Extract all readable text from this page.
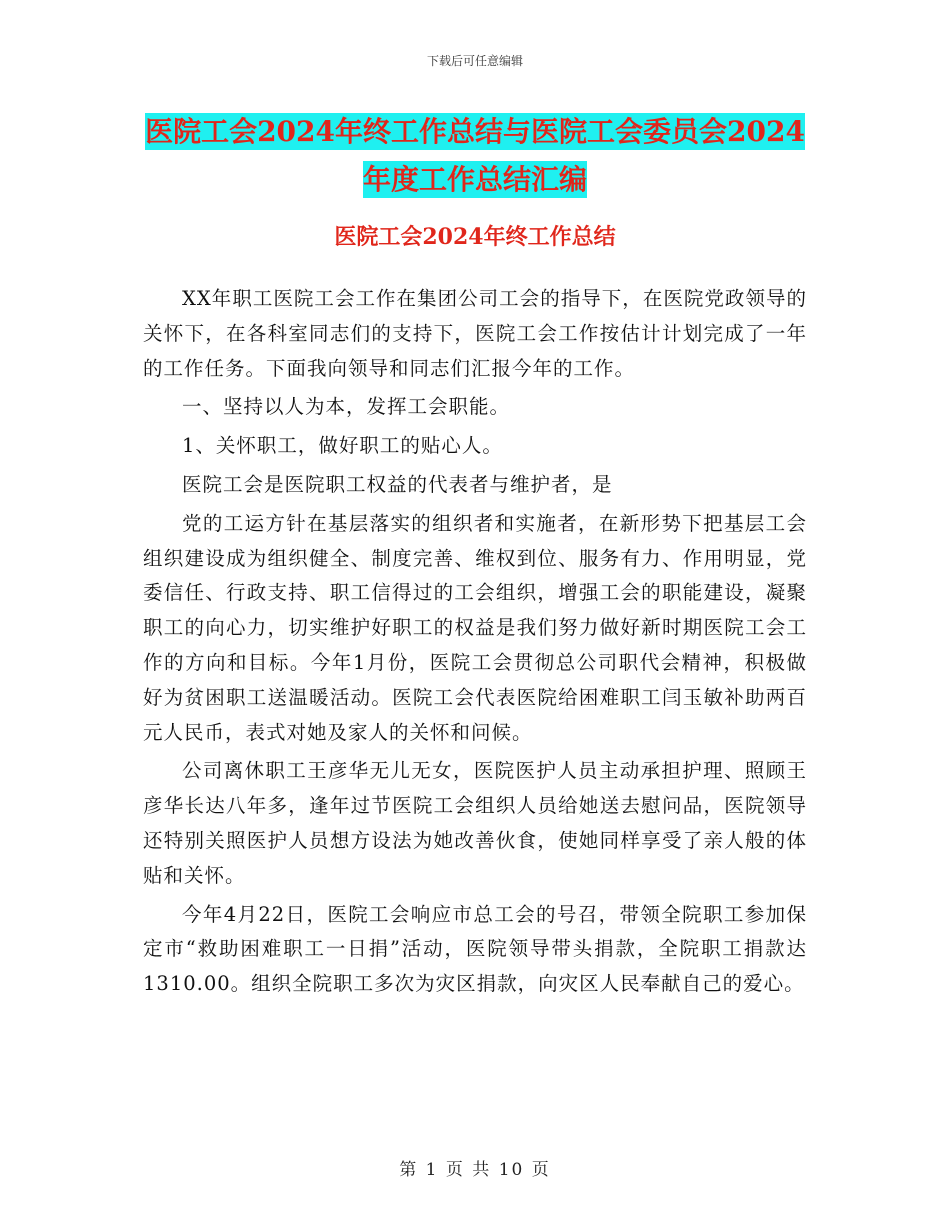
下载后可任意编辑
医院工会2024年终工作总结与医院工会委员会2024
年度工作总结汇编
医院工会2024年终工作总结

XX年职工医院工会工作在集团公司工会的指导下，在医院党政领导的关怀下，在各科室同志们的支持下，医院工会工作按估计计划完成了一年的工作任务。下面我向领导和同志们汇报今年的工作。

一、坚持以人为本，发挥工会职能。

1、关怀职工，做好职工的贴心人。

医院工会是医院职工权益的代表者与维护者，是

党的工运方针在基层落实的组织者和实施者，在新形势下把基层工会组织建设成为组织健全、制度完善、维权到位、服务有力、作用明显，党委信任、行政支持、职工信得过的工会组织，增强工会的职能建设，凝聚职工的向心力，切实维护好职工的权益是我们努力做好新时期医院工会工作的方向和目标。今年1月份，医院工会贯彻总公司职代会精神，积极做好为贫困职工送温暖活动。医院工会代表医院给困难职工闫玉敏补助两百元人民币，表式对她及家人的关怀和问候。

公司离休职工王彦华无儿无女，医院医护人员主动承担护理、照顾王彦华长达八年多，逢年过节医院工会组织人员给她送去慰问品，医院领导还特别关照医护人员想方设法为她改善伙食，使她同样享受了亲人般的体贴和关怀。

今年4月22日，医院工会响应市总工会的号召，带领全院职工参加保定市“救助困难职工一日捐”活动，医院领导带头捐款，全院职工捐款达1310.00。组织全院职工多次为灾区捐款，向灾区人民奉献自己的爱心。

第 1 页 共 10 页
